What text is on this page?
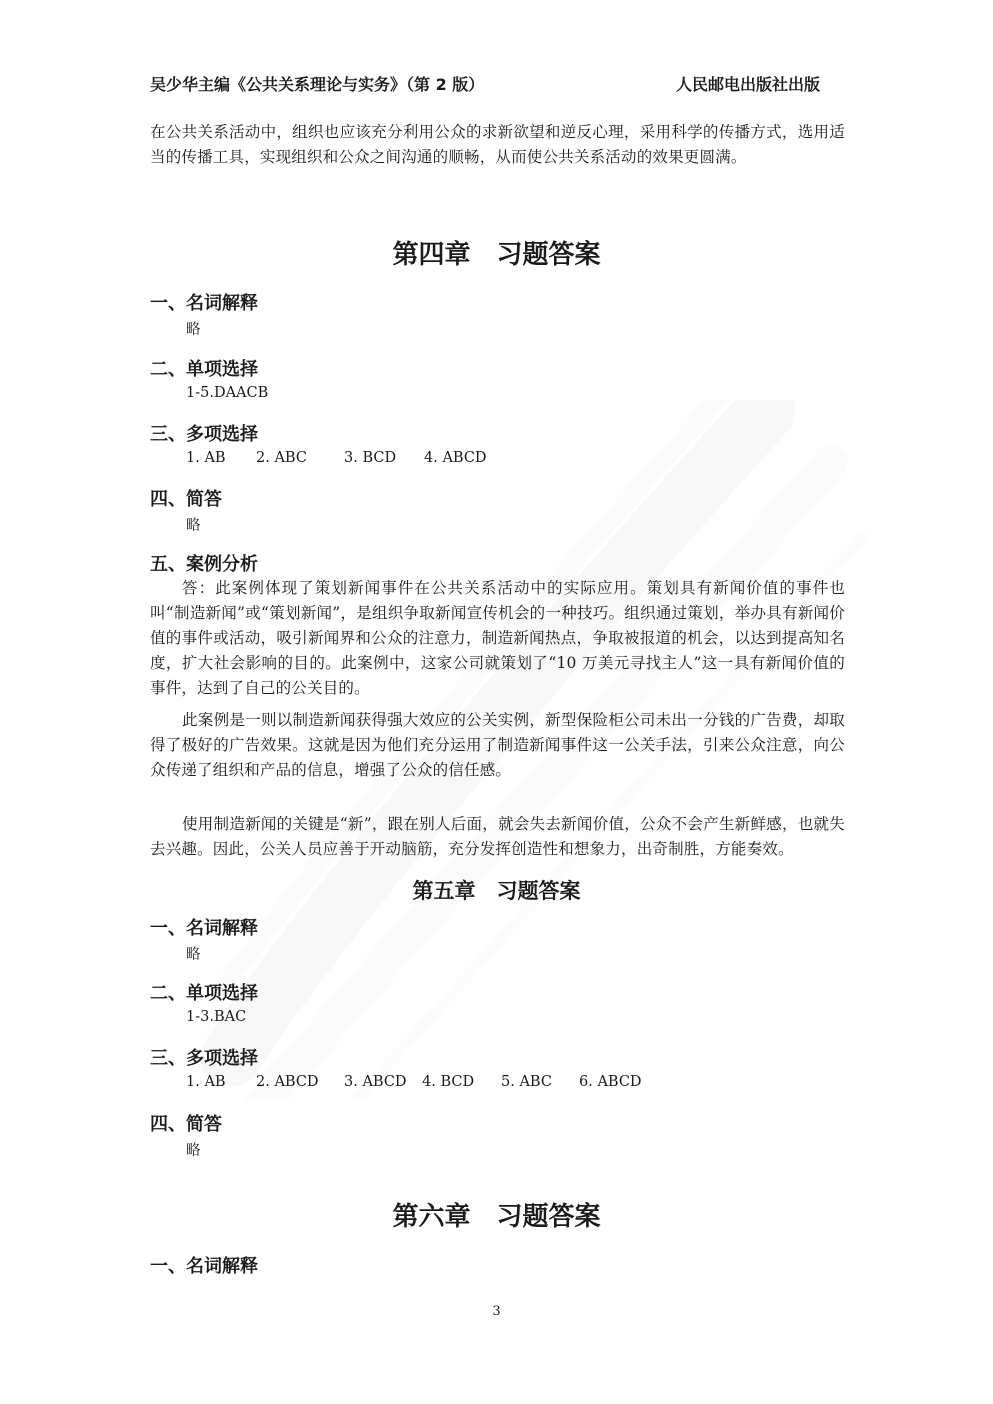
吴少华主编《公共关系理论与实务》（第 2 版）	人民邮电出版社出版
在公共关系活动中，组织也应该充分利用公众的求新欲望和逆反心理，采用科学的传播方式，选用适当的传播工具，实现组织和公众之间沟通的顺畅，从而使公共关系活动的效果更圆满。
第四章　习题答案
一、名词解释
略
二、单项选择
1-5.DAACB
三、多项选择
1. AB 2. ABC	3. BCD 4. ABCD
四、简答
略
五、案例分析
答：此案例体现了策划新闻事件在公共关系活动中的实际应用。策划具有新闻价值的事件也叫“制造新闻”或“策划新闻”，是组织争取新闻宣传机会的一种技巧。组织通过策划，举办具有新闻价值的事件或活动，吸引新闻界和公众的注意力，制造新闻热点，争取被报道的机会，以达到提高知名度，扩大社会影响的目的。此案例中，这家公司就策划了“10 万美元寻找主人”这一具有新闻价值的事件，达到了自己的公关目的。
此案例是一则以制造新闻获得强大效应的公关实例，新型保险柜公司未出一分钱的广告费，却取得了极好的广告效果。这就是因为他们充分运用了制造新闻事件这一公关手法，引来公众注意，向公众传递了组织和产品的信息，增强了公众的信任感。
使用制造新闻的关键是“新”，跟在别人后面，就会失去新闻价值，公众不会产生新鲜感，也就失去兴趣。因此，公关人员应善于开动脑筋，充分发挥创造性和想象力，出奇制胜，方能奏效。
第五章　习题答案
一、名词解释
略
二、单项选择
1-3.BAC
三、多项选择
1. AB 2. ABCD 3. ABCD 4. BCD 5. ABC 6. ABCD
四、简答
略
第六章　习题答案
一、名词解释
3
